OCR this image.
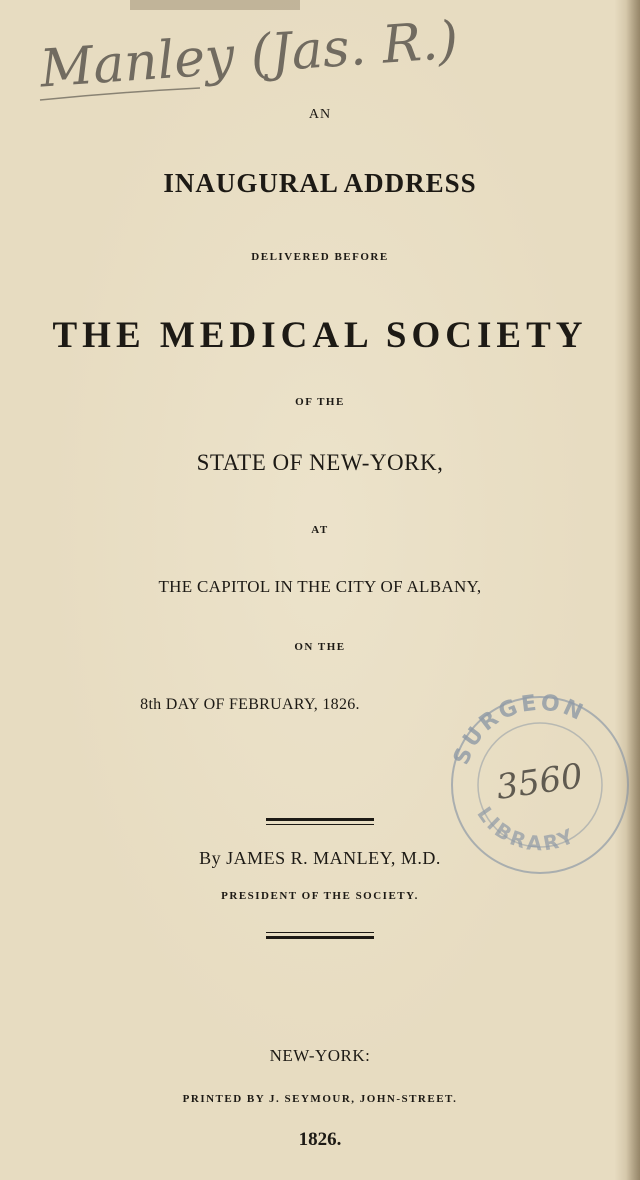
Manley (Jas. R.)
AN
INAUGURAL ADDRESS
DELIVERED BEFORE
THE MEDICAL SOCIETY
OF THE
STATE OF NEW-YORK,
AT
THE CAPITOL IN THE CITY OF ALBANY,
ON THE
8th DAY OF FEBRUARY, 1826.
SURGEON
LIBRARY
3560
By JAMES R. MANLEY, M.D.
PRESIDENT OF THE SOCIETY.
NEW-YORK:
PRINTED BY J. SEYMOUR, JOHN-STREET.
1826.
